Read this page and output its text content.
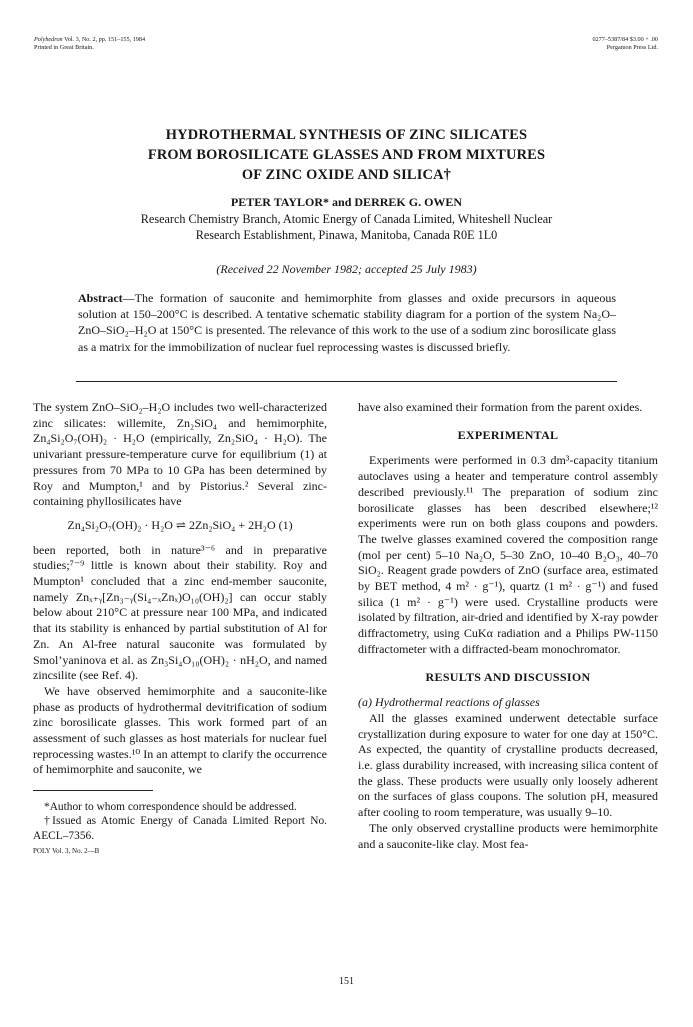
Polyhedron Vol. 3, No. 2, pp. 151–155, 1984
Printed in Great Britain.
0277–5387/84 $3.00 + .00
Pergamon Press Ltd.
HYDROTHERMAL SYNTHESIS OF ZINC SILICATES
FROM BOROSILICATE GLASSES AND FROM MIXTURES
OF ZINC OXIDE AND SILICA†
PETER TAYLOR* and DERREK G. OWEN
Research Chemistry Branch, Atomic Energy of Canada Limited, Whiteshell Nuclear
Research Establishment, Pinawa, Manitoba, Canada R0E 1L0
(Received 22 November 1982; accepted 25 July 1983)
Abstract—The formation of sauconite and hemimorphite from glasses and oxide precursors in aqueous solution at 150–200°C is described. A tentative schematic stability diagram for a portion of the system Na₂O–ZnO–SiO₂–H₂O at 150°C is presented. The relevance of this work to the use of a sodium zinc borosilicate glass as a matrix for the immobilization of nuclear fuel reprocessing wastes is discussed briefly.

The system ZnO–SiO₂–H₂O includes two well-characterized zinc silicates: willemite, Zn₂SiO₄ and hemimorphite, Zn₄Si₂O₇(OH)₂ · H₂O (empirically, Zn₂SiO₄ · H₂O). The univariant pressure-temperature curve for equilibrium (1) at pressures from 70 MPa to 10 GPa has been determined by Roy and Mumpton,¹ and by Pistorius.² Several zinc-containing phyllosilicates have

Zn₄Si₂O₇(OH)₂ · H₂O ⇌ 2Zn₂SiO₄ + 2H₂O (1)

been reported, both in nature³⁻⁶ and in preparative studies;⁷⁻⁹ little is known about their stability. Roy and Mumpton¹ concluded that a zinc end-member sauconite, namely Znₓ₊ᵧ[Zn₃₋ᵧ(Si₄₋ₓZnₓ)O₁₀(OH)₂] can occur stably below about 210°C at pressure near 100 MPa, and indicated that its stability is enhanced by partial substitution of Al for Zn. An Al-free natural sauconite was formulated by Smol’yaninova et al. as Zn₃Si₄O₁₀(OH)₂ · nH₂O, and named zincsilite (see Ref. 4).

We have observed hemimorphite and a sauconite-like phase as products of hydrothermal devitrification of sodium zinc borosilicate glasses. This work formed part of an assessment of such glasses as host materials for nuclear fuel reprocessing wastes.¹⁰ In an attempt to clarify the occurrence of hemimorphite and sauconite, we

*Author to whom correspondence should be addressed.

†Issued as Atomic Energy of Canada Limited Report No. AECL–7356.

POLY Vol. 3, No. 2—B

have also examined their formation from the parent oxides.

EXPERIMENTAL

Experiments were performed in 0.3 dm³-capacity titanium autoclaves using a heater and temperature control assembly described previously.¹¹ The preparation of sodium zinc borosilicate glasses has been described elsewhere;¹² experiments were run on both glass coupons and powders. The twelve glasses examined covered the composition range (mol per cent) 5–10 Na₂O, 5–30 ZnO, 10–40 B₂O₃, 40–70 SiO₂. Reagent grade powders of ZnO (surface area, estimated by BET method, 4 m² · g⁻¹), quartz (1 m² · g⁻¹) and fused silica (1 m² · g⁻¹) were used. Crystalline products were isolated by filtration, air-dried and identified by X-ray powder diffractometry, using CuKα radiation and a Philips PW-1150 diffractometer with a diffracted-beam monochromator.

RESULTS AND DISCUSSION

(a) Hydrothermal reactions of glasses

All the glasses examined underwent detectable surface crystallization during exposure to water for one day at 150°C. As expected, the quantity of crystalline products decreased, i.e. glass durability increased, with increasing silica content of the glass. These products were usually only loosely adherent on the surfaces of glass coupons. The solution pH, measured after cooling to room temperature, was usually 9–10.

The only observed crystalline products were hemimorphite and a sauconite-like clay. Most fea-

151
